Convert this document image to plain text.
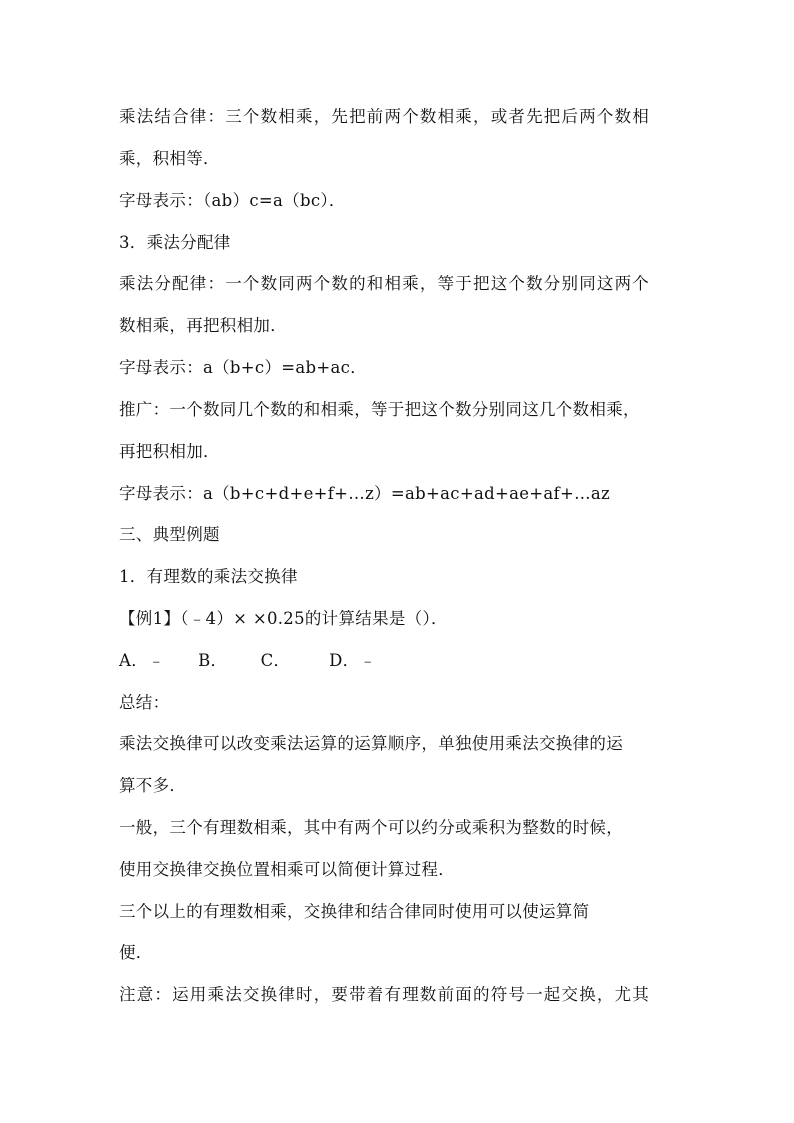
乘法结合律：三个数相乘，先把前两个数相乘，或者先把后两个数相
乘，积相等．
字母表示：（ab）c=a（bc）．
3．乘法分配律
乘法分配律：一个数同两个数的和相乘，等于把这个数分别同这两个
数相乘，再把积相加．
字母表示：a（b+c）=ab+ac．
推广：一个数同几个数的和相乘，等于把这个数分别同这几个数相乘，
再把积相加．
字母表示：a（b+c+d+e+f+…z）=ab+ac+ad+ae+af+…az
三、典型例题
1．有理数的乘法交换律
【例1】（﹣4）× ×0.25的计算结果是（）．
A．﹣      B．      C．       D．﹣
总结：
乘法交换律可以改变乘法运算的运算顺序，单独使用乘法交换律的运
算不多．
一般，三个有理数相乘，其中有两个可以约分或乘积为整数的时候，
使用交换律交换位置相乘可以简便计算过程．
三个以上的有理数相乘，交换律和结合律同时使用可以使运算简
便．
注意：运用乘法交换律时，要带着有理数前面的符号一起交换，尤其
